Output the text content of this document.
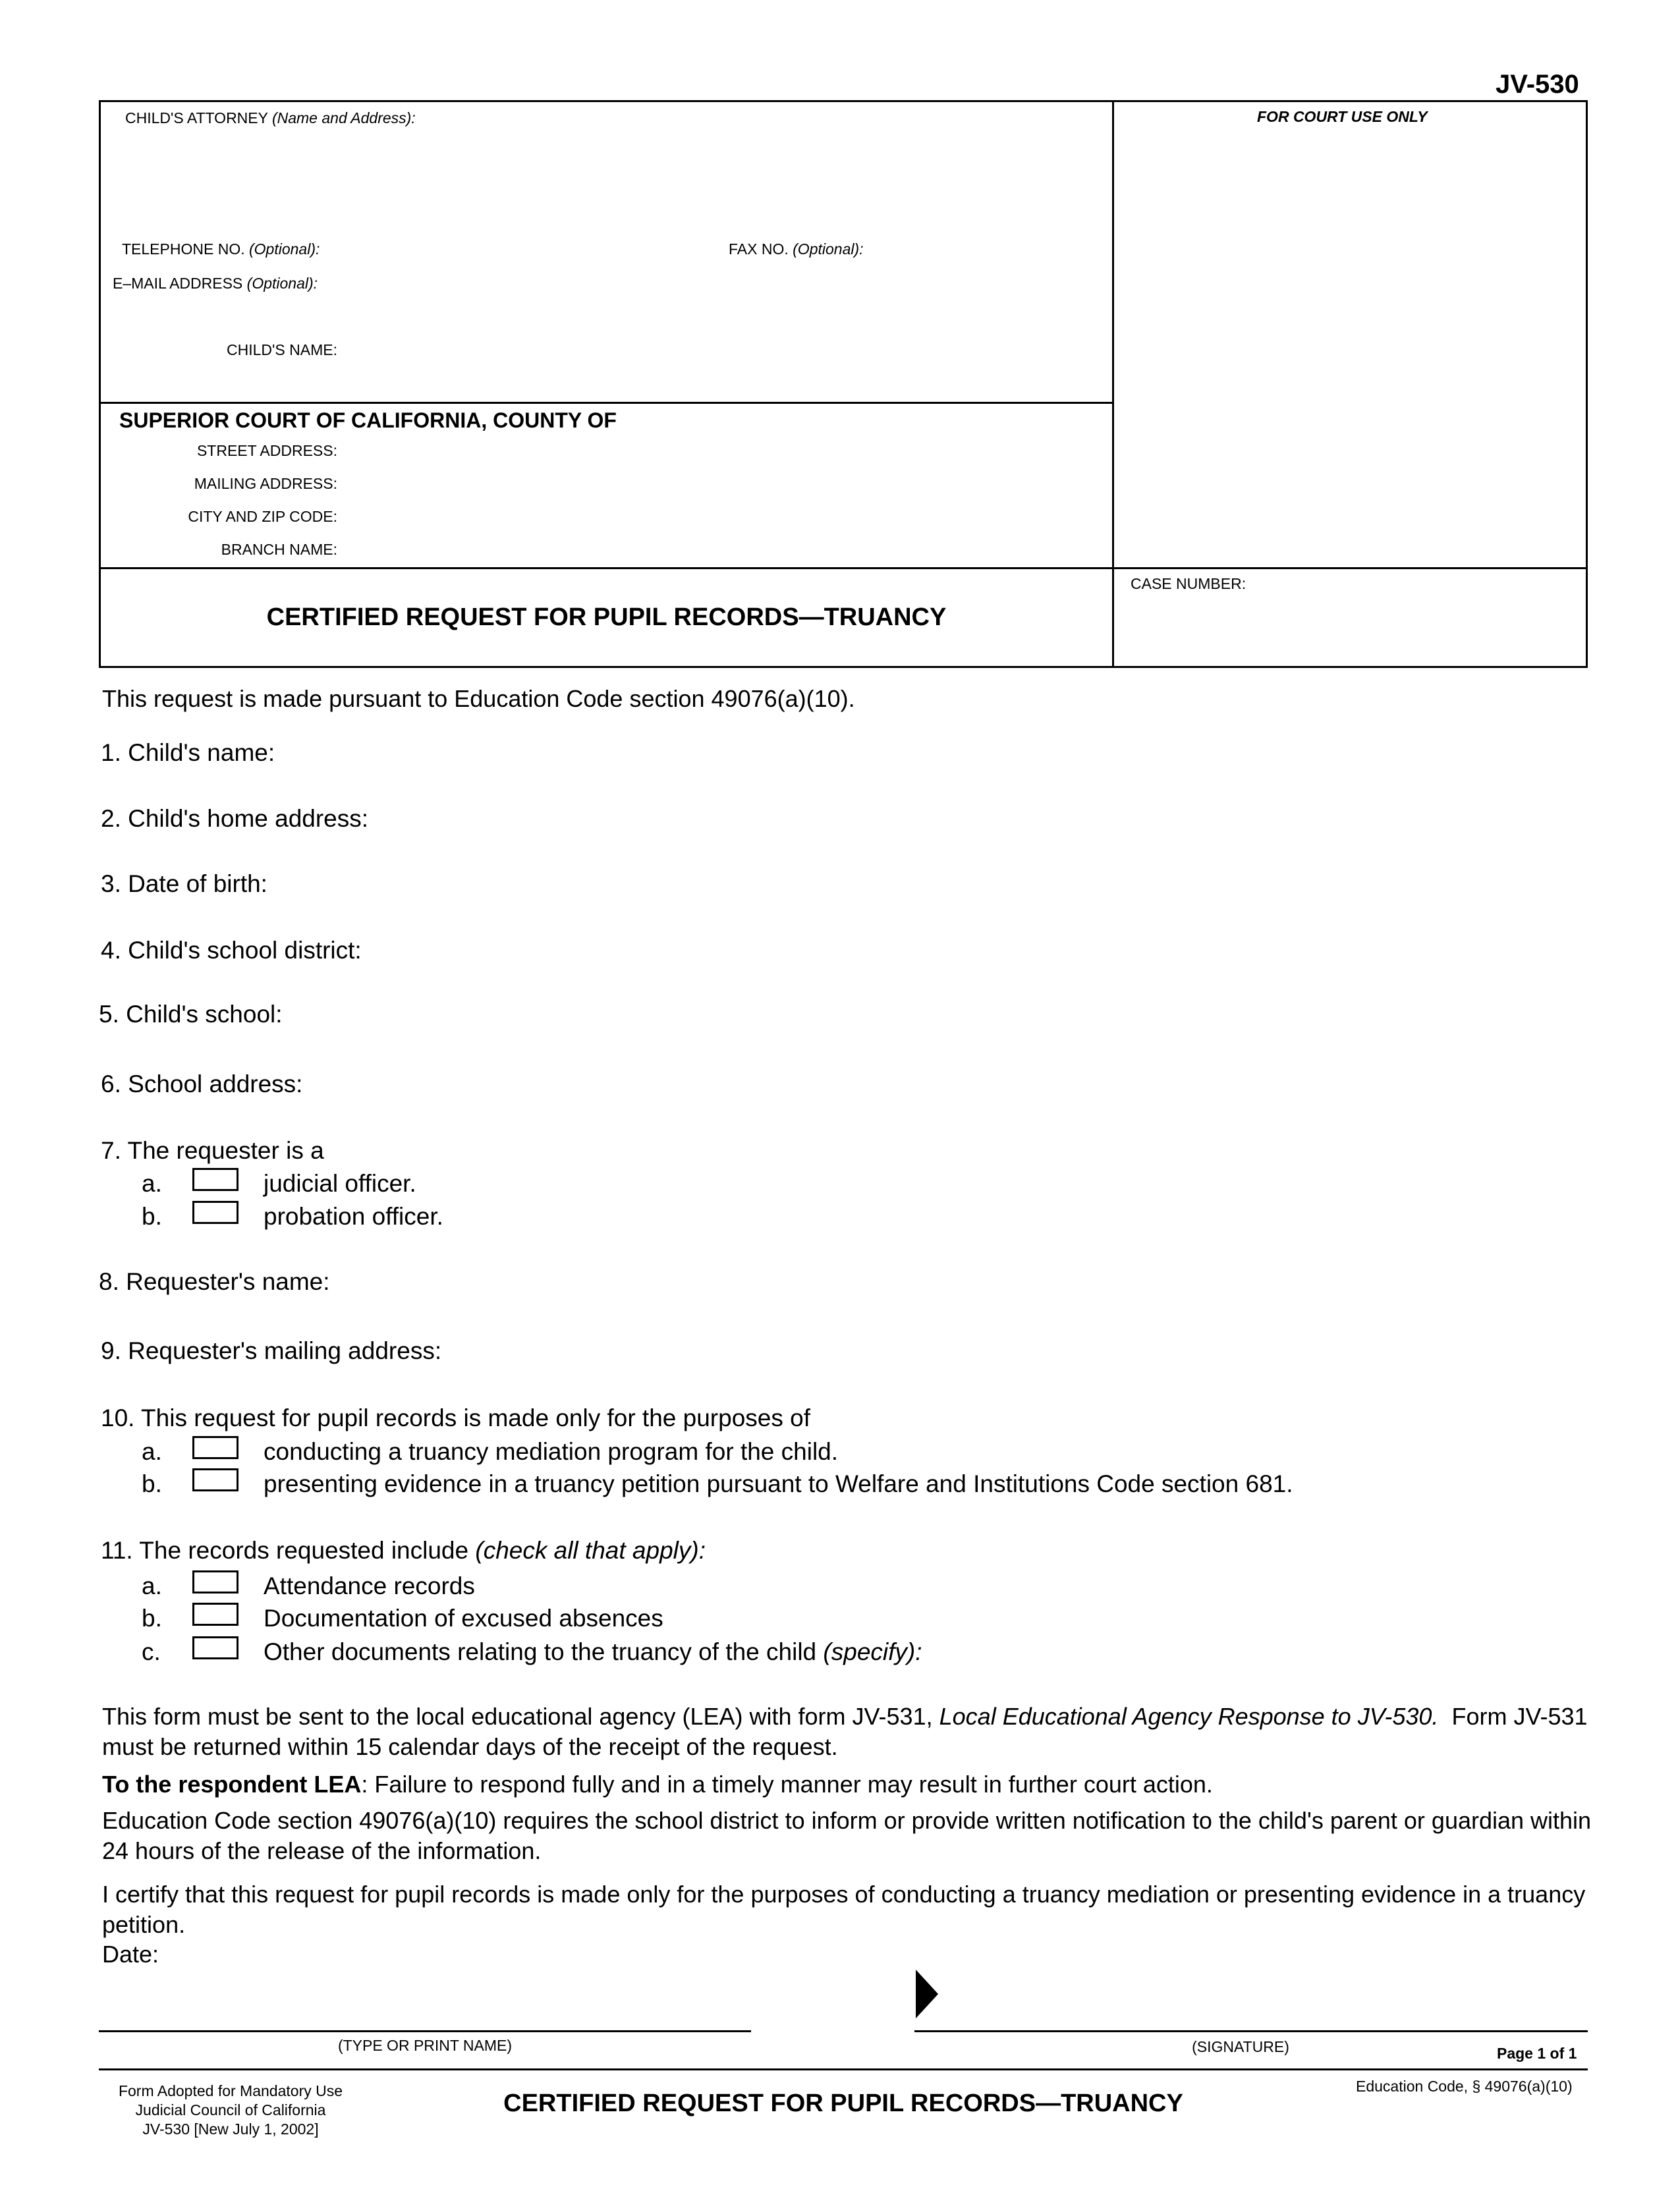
JV-530
CHILD'S ATTORNEY (Name and Address):	FOR COURT USE ONLY
TELEPHONE NO. (Optional):	FAX NO. (Optional):
E–MAIL ADDRESS (Optional):
CHILD'S NAME:
SUPERIOR COURT OF CALIFORNIA, COUNTY OF
STREET ADDRESS:
MAILING ADDRESS:
CITY AND ZIP CODE:
BRANCH NAME:
CASE NUMBER:
CERTIFIED REQUEST FOR PUPIL RECORDS—TRUANCY
This request is made pursuant to Education Code section 49076(a)(10).
1. Child's name:
2. Child's home address:
3. Date of birth:
4. Child's school district:
5. Child's school:
6. School address:
7. The requester is a
a.	judicial officer.
b.	probation officer.
8. Requester's name:
9. Requester's mailing address:
10. This request for pupil records is made only for the purposes of
a.	conducting a truancy mediation program for the child.
b.	presenting evidence in a truancy petition pursuant to Welfare and Institutions Code section 681.
11. The records requested include (check all that apply):
a.	Attendance records
b.	Documentation of excused absences
c.	Other documents relating to the truancy of the child (specify):
This form must be sent to the local educational agency (LEA) with form JV-531, Local Educational Agency Response to JV-530. Form JV-531 must be returned within 15 calendar days of the receipt of the request.
To the respondent LEA: Failure to respond fully and in a timely manner may result in further court action.
Education Code section 49076(a)(10) requires the school district to inform or provide written notification to the child's parent or guardian within 24 hours of the release of the information.
I certify that this request for pupil records is made only for the purposes of conducting a truancy mediation or presenting evidence in a truancy petition.
Date:
(TYPE OR PRINT NAME)	(SIGNATURE)	Page 1 of 1
Form Adopted for Mandatory Use
Judicial Council of California
JV-530 [New July 1, 2002]
CERTIFIED REQUEST FOR PUPIL RECORDS—TRUANCY
Education Code, § 49076(a)(10)
